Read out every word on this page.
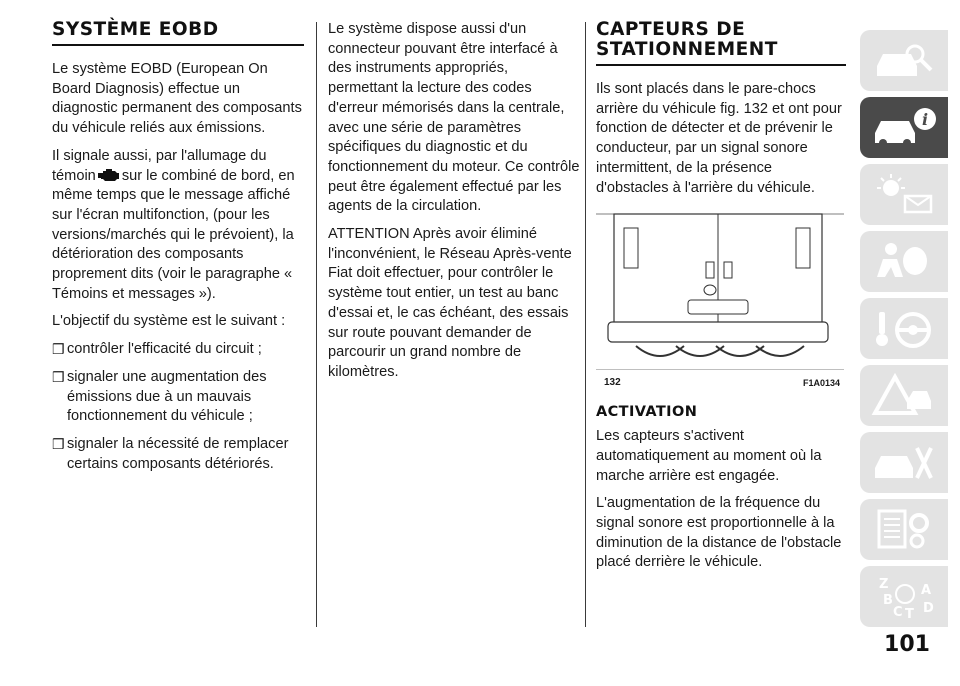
SYSTÈME EOBD

Le système EOBD (European On Board Diagnosis) effectue un diagnostic permanent des composants du véhicule reliés aux émissions.

Il signale aussi, par l'allumage du témoin sur le combiné de bord, en même temps que le message affiché sur l'écran multifonction, (pour les versions/marchés qui le prévoient), la détérioration des composants proprement dits (voir le paragraphe « Témoins et messages »).

L'objectif du système est le suivant :

❒ contrôler l'efficacité du circuit ;
❒ signaler une augmentation des émissions due à un mauvais fonctionnement du véhicule ;
❒ signaler la nécessité de remplacer certains composants détériorés.

Le système dispose aussi d'un connecteur pouvant être interfacé à des instruments appropriés, permettant la lecture des codes d'erreur mémorisés dans la centrale, avec une série de paramètres spécifiques du diagnostic et du fonctionnement du moteur. Ce contrôle peut être également effectué par les agents de la circulation.

ATTENTION Après avoir éliminé l'inconvénient, le Réseau Après-vente Fiat doit effectuer, pour contrôler le système tout entier, un test au banc d'essai et, le cas échéant, des essais sur route pouvant demander de parcourir un grand nombre de kilomètres.

CAPTEURS DE
STATIONNEMENT

Ils sont placés dans le pare-chocs arrière du véhicule fig. 132 et ont pour fonction de détecter et de prévenir le conducteur, par un signal sonore intermittent, de la présence d'obstacles à l'arrière du véhicule.

132	F1A0134
ACTIVATION

Les capteurs s'activent automatiquement au moment où la marche arrière est engagée.

L'augmentation de la fréquence du signal sonore est proportionnelle à la diminution de la distance de l'obstacle placé derrière le véhicule.

i
Z	A
B
C T D
101
